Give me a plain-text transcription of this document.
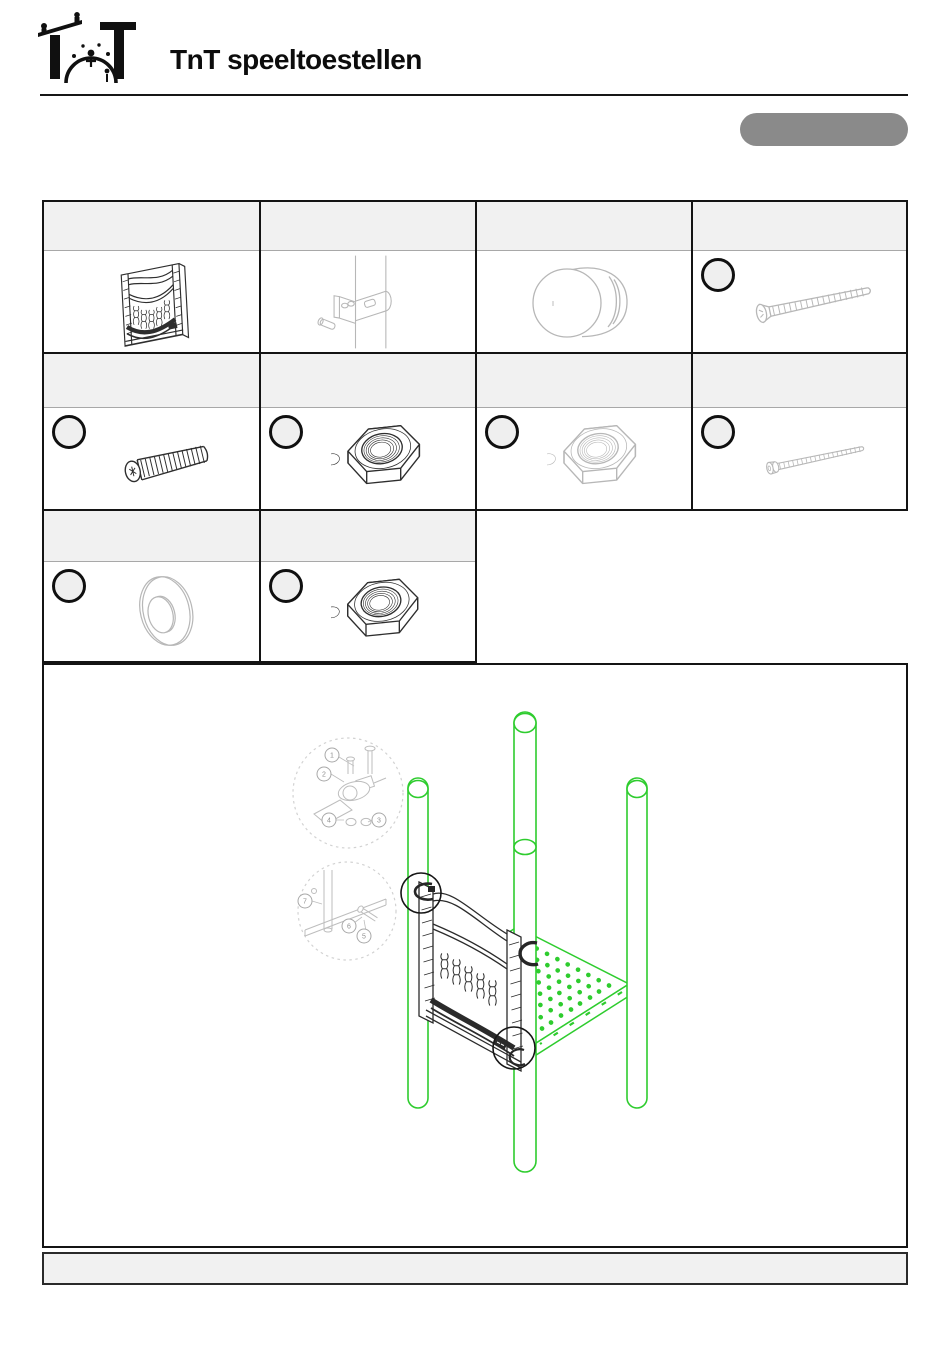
TnT speeltoestellen
1
2
4	3
7
6
5
